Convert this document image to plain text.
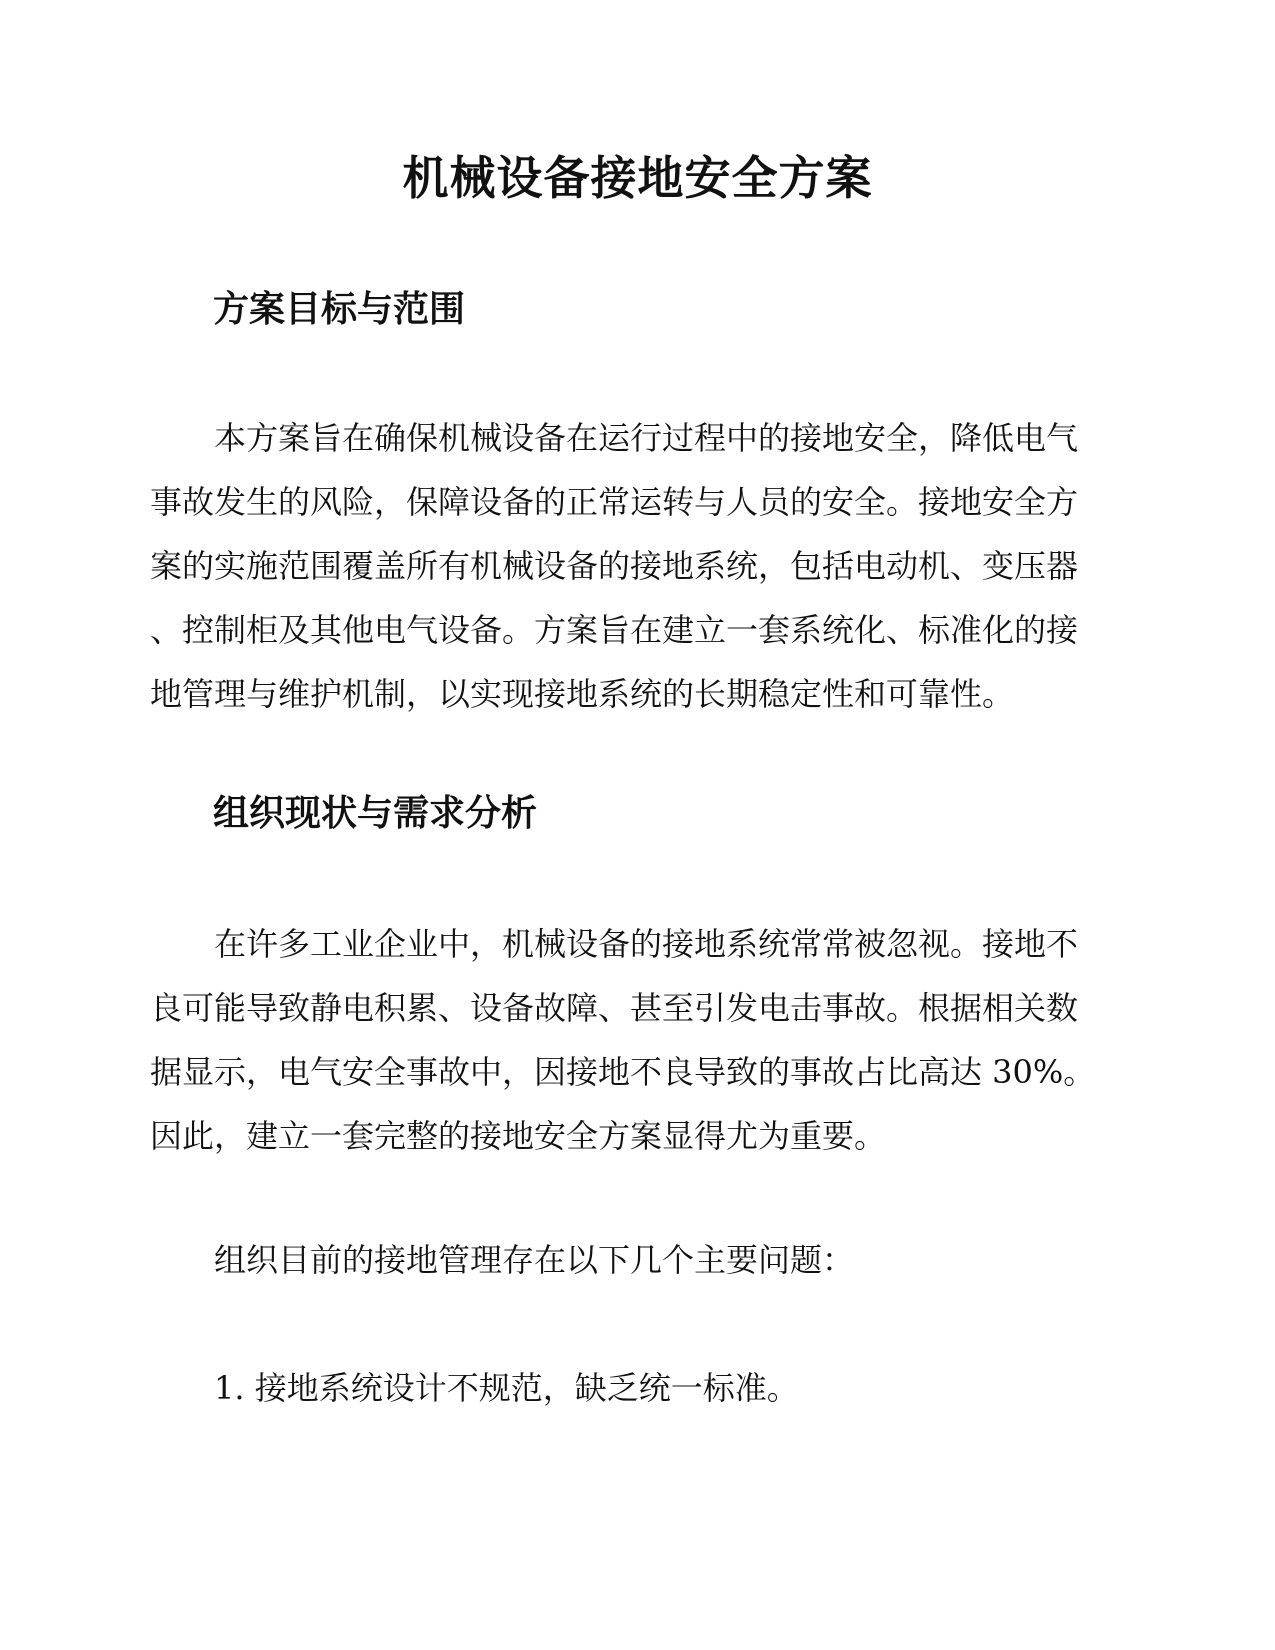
机械设备接地安全方案
方案目标与范围

本方案旨在确保机械设备在运行过程中的接地安全，降低电气
事故发生的风险，保障设备的正常运转与人员的安全。接地安全方
案的实施范围覆盖所有机械设备的接地系统，包括电动机、变压器
、控制柜及其他电气设备。方案旨在建立一套系统化、标准化的接
地管理与维护机制，以实现接地系统的长期稳定性和可靠性。

组织现状与需求分析

在许多工业企业中，机械设备的接地系统常常被忽视。接地不
良可能导致静电积累、设备故障、甚至引发电击事故。根据相关数
据显示，电气安全事故中，因接地不良导致的事故占比高达 30%。
因此，建立一套完整的接地安全方案显得尤为重要。

组织目前的接地管理存在以下几个主要问题：

1. 接地系统设计不规范，缺乏统一标准。
